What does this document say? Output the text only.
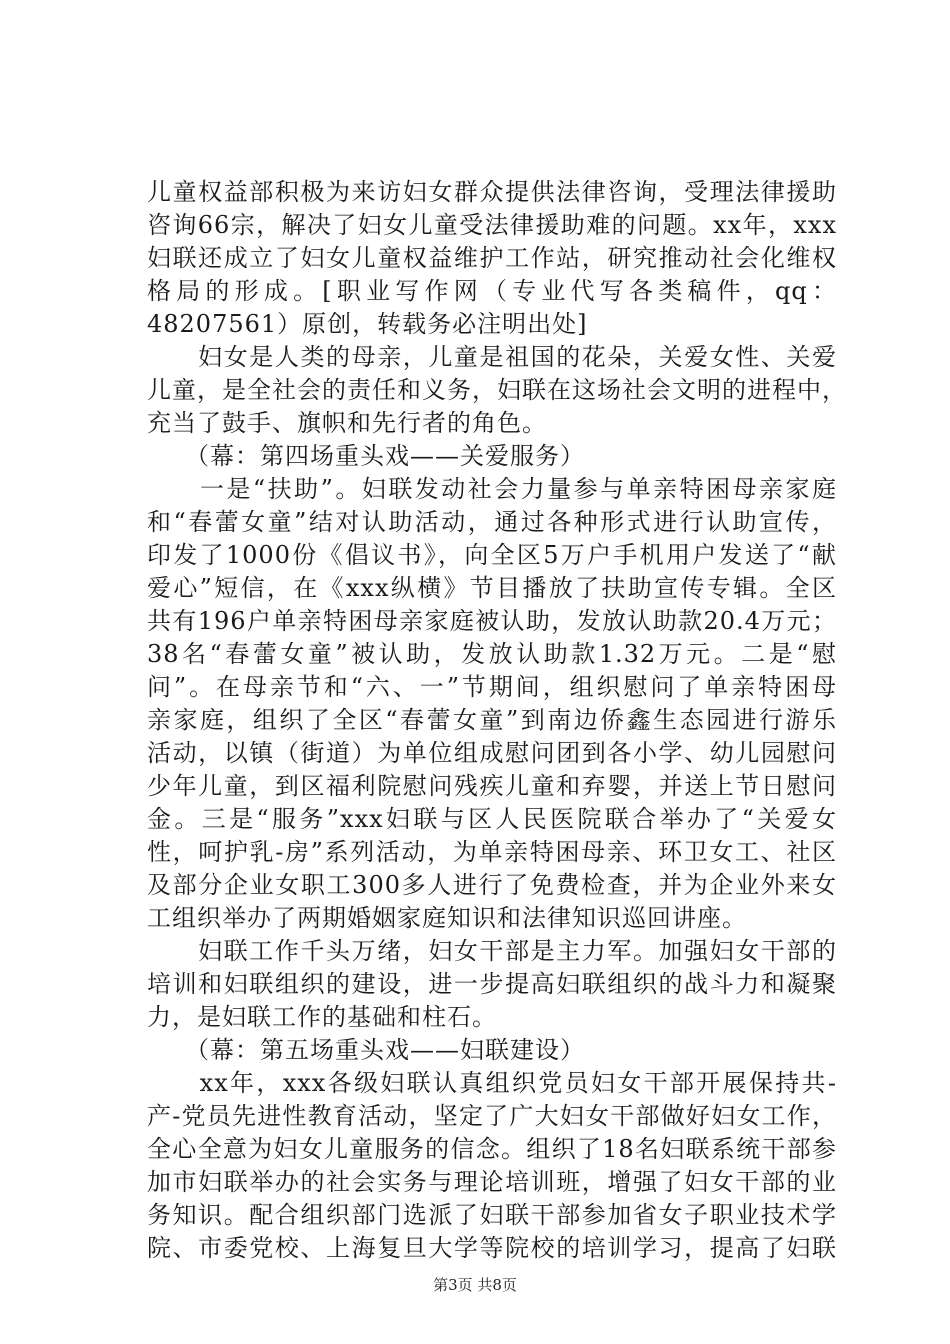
儿童权益部积极为来访妇女群众提供法律咨询，受理法律援助
咨询66宗，解决了妇女儿童受法律援助难的问题。xx年，xxx
妇联还成立了妇女儿童权益维护工作站，研究推动社会化维权
格局的形成。[职业写作网（专业代写各类稿件，qq：
48207561）原创，转载务必注明出处]
　　妇女是人类的母亲，儿童是祖国的花朵，关爱女性、关爱
儿童，是全社会的责任和义务，妇联在这场社会文明的进程中，
充当了鼓手、旗帜和先行者的角色。
　　（幕：第四场重头戏——关爱服务）
　　一是“扶助”。妇联发动社会力量参与单亲特困母亲家庭
和“春蕾女童”结对认助活动，通过各种形式进行认助宣传，
印发了1000份《倡议书》，向全区5万户手机用户发送了“献
爱心”短信，在《xxx纵横》节目播放了扶助宣传专辑。全区
共有196户单亲特困母亲家庭被认助，发放认助款20.4万元；
38名“春蕾女童”被认助，发放认助款1.32万元。二是“慰
问”。在母亲节和“六、一”节期间，组织慰问了单亲特困母
亲家庭，组织了全区“春蕾女童”到南边侨鑫生态园进行游乐
活动，以镇（街道）为单位组成慰问团到各小学、幼儿园慰问
少年儿童，到区福利院慰问残疾儿童和弃婴，并送上节日慰问
金。三是“服务”xxx妇联与区人民医院联合举办了“关爱女
性，呵护乳-房”系列活动，为单亲特困母亲、环卫女工、社区
及部分企业女职工300多人进行了免费检查，并为企业外来女
工组织举办了两期婚姻家庭知识和法律知识巡回讲座。
　　妇联工作千头万绪，妇女干部是主力军。加强妇女干部的
培训和妇联组织的建设，进一步提高妇联组织的战斗力和凝聚
力，是妇联工作的基础和柱石。
　　（幕：第五场重头戏——妇联建设）
　　xx年，xxx各级妇联认真组织党员妇女干部开展保持共-
产-党员先进性教育活动，坚定了广大妇女干部做好妇女工作，
全心全意为妇女儿童服务的信念。组织了18名妇联系统干部参
加市妇联举办的社会实务与理论培训班，增强了妇女干部的业
务知识。配合组织部门选派了妇联干部参加省女子职业技术学
院、市委党校、上海复旦大学等院校的培训学习，提高了妇联
第3页 共8页
